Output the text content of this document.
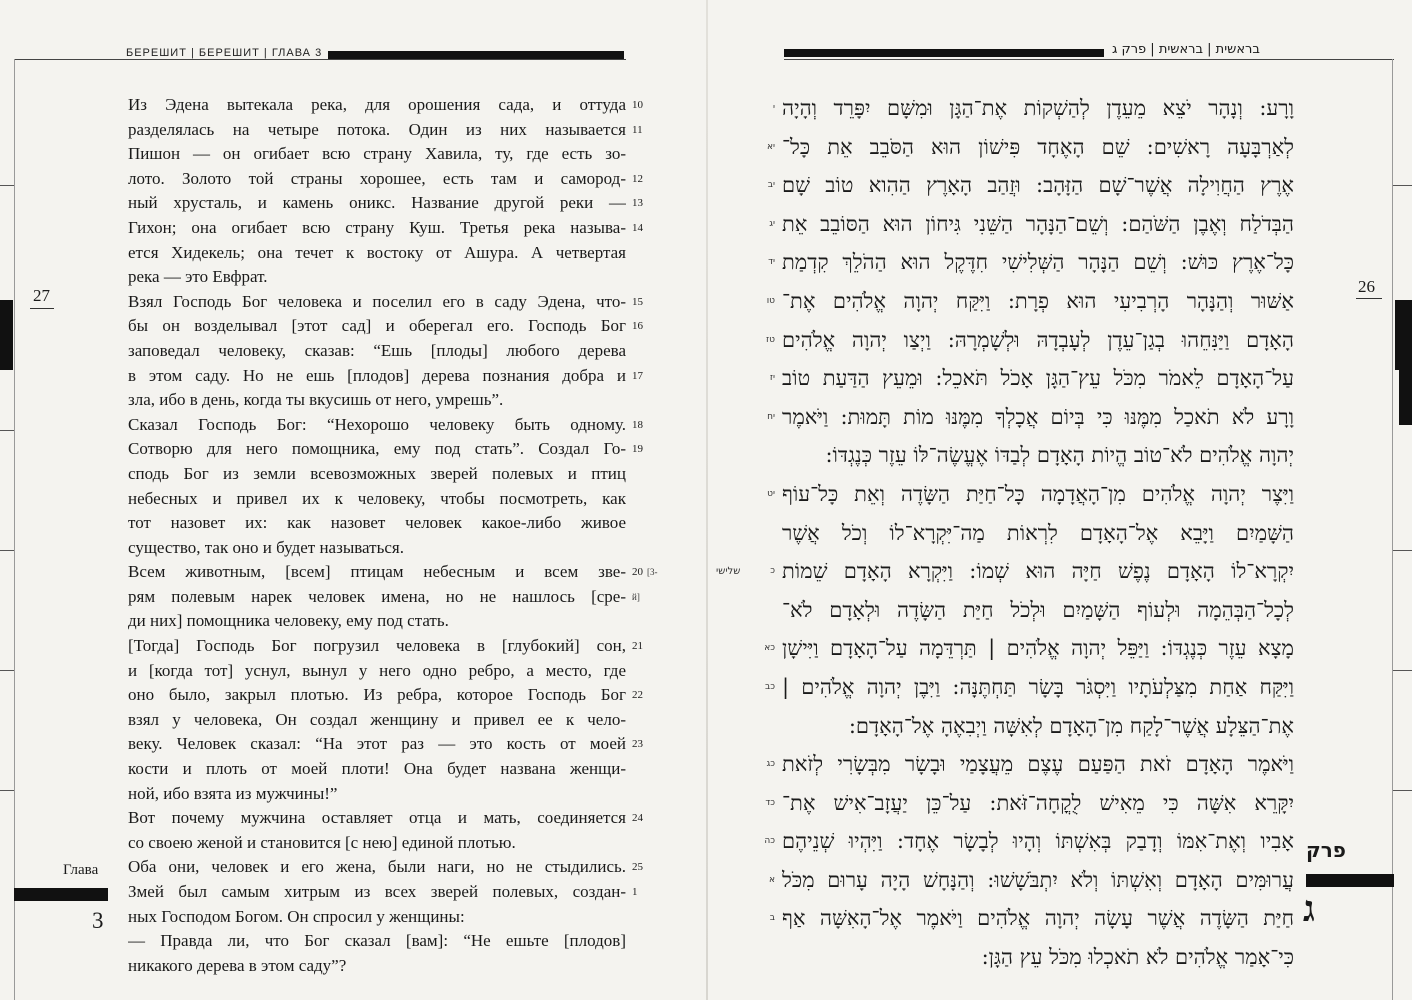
БЕРЕШИТ | БЕРЕШИТ | ГЛАВА 3
27
Из Эдена вытекала река, для орошения сада, и оттуда
разделялась на четыре потока. Один из них называется
Пишон — он огибает всю страну Хавила, ту, где есть зо-
лото. Золото той страны хорошее, есть там и самород-
ный хрусталь, и камень оникс. Название другой реки —
Гихон; она огибает всю страну Куш. Третья река называ-
ется Хидекель; она течет к востоку от Ашура. А четвертая
река — это Евфрат.
Взял Господь Бог человека и поселил его в саду Эдена, что-
бы он возделывал [этот сад] и оберегал его. Господь Бог
заповедал человеку, сказав: “Ешь [плоды] любого дерева
в этом саду. Но не ешь [плодов] дерева познания добра и
зла, ибо в день, когда ты вкусишь от него, умрешь”.
Сказал Господь Бог: “Нехорошо человеку быть одному.
Сотворю для него помощника, ему под стать”. Создал Го-
сподь Бог из земли всевозможных зверей полевых и птиц
небесных и привел их к человеку, чтобы посмотреть, как
тот назовет их: как назовет человек какое-либо живое
существо, так оно и будет называться.
Всем животным, [всем] птицам небесным и всем зве-
рям полевым нарек человек имена, но не нашлось [сре-
ди них] помощника человеку, ему под стать.
[Тогда] Господь Бог погрузил человека в [глубокий] сон,
и [когда тот] уснул, вынул у него одно ребро, а место, где
оно было, закрыл плотью. Из ребра, которое Господь Бог
взял у человека, Он создал женщину и привел ее к чело-
веку. Человек сказал: “На этот раз — это кость от моей
кости и плоть от моей плоти! Она будет названа женщи-
ной, ибо взята из мужчины!”
Вот почему мужчина оставляет отца и мать, соединяется
со своею женой и становится [с нею] единой плотью.
Оба они, человек и его жена, были наги, но не стыдились.
Змей был самым хитрым из всех зверей полевых, создан-
ных Господом Богом. Он спросил у женщины:
— Правда ли, что Бог сказал [вам]: “Не ешьте [плодов]
никакого дерева в этом саду”?
10
11
12
13
14
15
16
17
18
19
20 [3-й]
21
22
23
24
25
1
Глава
3
בראשית | בראשית | פרק ג
26
וָרָע: וְנָהָר יֹצֵא מֵעֵדֶן לְהַשְׁקוֹת אֶת־הַגָּן וּמִשָּׁם יִפָּרֵד וְהָיָה
לְאַרְבָּעָה רָאשִׁים: שֵׁם הָאֶחָד פִּישׁוֹן הוּא הַסֹּבֵב אֵת כָּל־
אֶרֶץ הַחֲוִילָה אֲשֶׁר־שָׁם הַזָּהָב: וּזֲהַב הָאָרֶץ הַהִוא טוֹב שָׁם
הַבְּדֹלַח וְאֶבֶן הַשֹּׁהַם: וְשֵׁם־הַנָּהָר הַשֵּׁנִי גִּיחוֹן הוּא הַסּוֹבֵב אֵת
כָּל־אֶרֶץ כּוּשׁ: וְשֵׁם הַנָּהָר הַשְּׁלִישִׁי חִדֶּקֶל הוּא הַהֹלֵךְ קִדְמַת
אַשּׁוּר וְהַנָּהָר הָרְבִיעִי הוּא פְרָת: וַיִּקַּח יְהוָה אֱלֹהִים אֶת־
הָאָדָם וַיַּנִּחֵהוּ בְגַן־עֵדֶן לְעָבְדָהּ וּלְשָׁמְרָהּ: וַיְצַו יְהוָה אֱלֹהִים
עַל־הָאָדָם לֵאמֹר מִכֹּל עֵץ־הַגָּן אָכֹל תֹּאכֵל: וּמֵעֵץ הַדַּעַת טוֹב
וָרָע לֹא תֹאכַל מִמֶּנּוּ כִּי בְּיוֹם אֲכָלְךָ מִמֶּנּוּ מוֹת תָּמוּת: וַיֹּאמֶר
יְהוָה אֱלֹהִים לֹא־טוֹב הֱיוֹת הָאָדָם לְבַדּוֹ אֶעֱשֶׂה־לּוֹ עֵזֶר כְּנֶגְדּוֹ:
וַיִּצֶר יְהוָה אֱלֹהִים מִן־הָאֲדָמָה כָּל־חַיַּת הַשָּׂדֶה וְאֵת כָּל־עוֹף
הַשָּׁמַיִם וַיָּבֵא אֶל־הָאָדָם לִרְאוֹת מַה־יִּקְרָא־לוֹ וְכֹל אֲשֶׁר
יִקְרָא־לוֹ הָאָדָם נֶפֶשׁ חַיָּה הוּא שְׁמוֹ: וַיִּקְרָא הָאָדָם שֵׁמוֹת
לְכָל־הַבְּהֵמָה וּלְעוֹף הַשָּׁמַיִם וּלְכֹל חַיַּת הַשָּׂדֶה וּלְאָדָם לֹא־
מָצָא עֵזֶר כְּנֶגְדּוֹ: וַיַּפֵּל יְהוָה אֱלֹהִים | תַּרְדֵּמָה עַל־הָאָדָם וַיִּישָׁן
וַיִּקַּח אַחַת מִצַּלְעֹתָיו וַיִּסְגֹּר בָּשָׂר תַּחְתֶּנָּה: וַיִּבֶן יְהוָה אֱלֹהִים |
אֶת־הַצֵּלָע אֲשֶׁר־לָקַח מִן־הָאָדָם לְאִשָּׁה וַיְבִאֶהָ אֶל־הָאָדָם:
וַיֹּאמֶר הָאָדָם זֹאת הַפַּעַם עֶצֶם מֵעֲצָמַי וּבָשָׂר מִבְּשָׂרִי לְזֹאת
יִקָּרֵא אִשָּׁה כִּי מֵאִישׁ לֻקֳחָה־זֹּאת: עַל־כֵּן יַעֲזָב־אִישׁ אֶת־
אָבִיו וְאֶת־אִמּוֹ וְדָבַק בְּאִשְׁתּוֹ וְהָיוּ לְבָשָׂר אֶחָד: וַיִּהְיוּ שְׁנֵיהֶם
עֲרוּמִּים הָאָדָם וְאִשְׁתּוֹ וְלֹא יִתְבֹּשָׁשׁוּ: וְהַנָּחָשׁ הָיָה עָרוּם מִכֹּל
חַיַּת הַשָּׂדֶה אֲשֶׁר עָשָׂה יְהוָה אֱלֹהִים וַיֹּאמֶר אֶל־הָאִשָּׁה אַף
כִּי־אָמַר אֱלֹהִים לֹא תֹאכְלוּ מִכֹּל עֵץ הַגָּן:
י
יא
יב
יג
יד
טו
טז
יז
יח
יט
כ
כא
כב
כג
כד
כה
א
ב
שלישי
פרק
ג
